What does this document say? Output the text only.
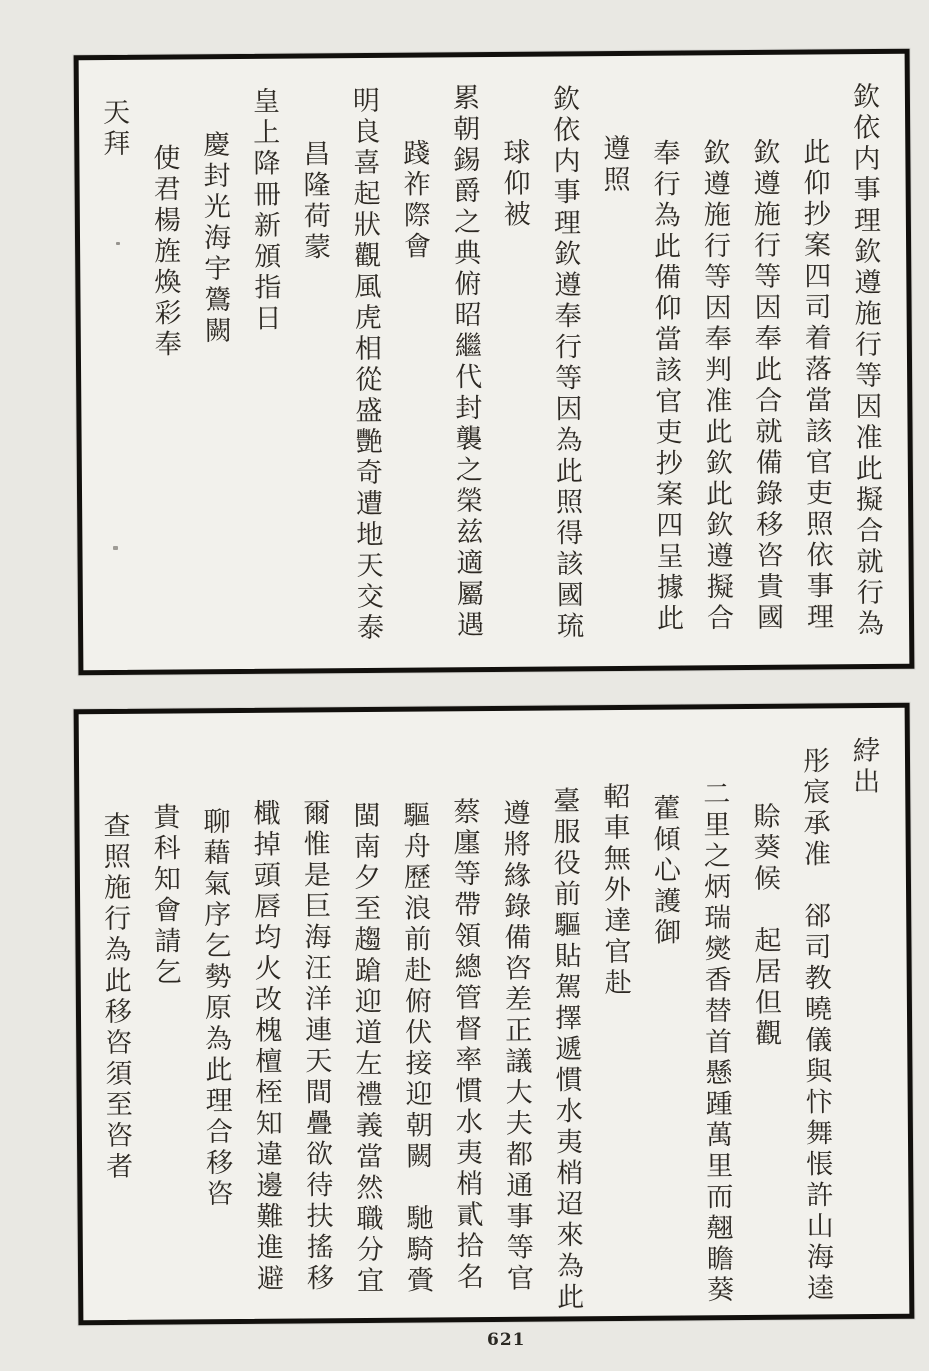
欽依内事理欽遵施行等因准此擬合就行為
此仰抄案四司着落當該官吏照依事理
欽遵施行等因奉此合就備錄移咨貴國
欽遵施行等因奉判准此欽此欽遵擬合
奉行為此備仰當該官吏抄案四呈據此
遵照
欽依内事理欽遵奉行等因為此照得該國琉
球仰被
累朝錫爵之典俯昭繼代封襲之榮兹適屬遇
踐祚際會
明良喜起狀觀風虎相從盛艷奇遭地天交泰
昌隆荷蒙
皇上降冊新頒指日
慶封光海宇鷟闕
使君楊旌煥彩奉
天拜
綍出
彤宸承准　郤司教曉儀與忭舞悵許山海逵
賒葵候　起居但觀
二里之炳瑞爕香替首懸踵萬里而翹瞻葵
藿傾心護御
軺車無外達官赴
臺服役前驅貼駕擇遞慣水夷梢迢來為此
遵將緣錄備咨差正議大夫都通事等官
蔡廛等帶領總管督率慣水夷梢貳拾名
驅舟歷浪前赴俯伏接迎朝闕　馳騎賫
閩南夕至趨蹌迎道左禮義當然職分宜
爾惟是巨海汪洋連天間疊欲待扶搖移
檝掉頭唇均火改槐檀桎知違邊難進避
聊藉氣序乞勢原為此理合移咨
貴科知會請乞
查照施行為此移咨須至咨者
621
